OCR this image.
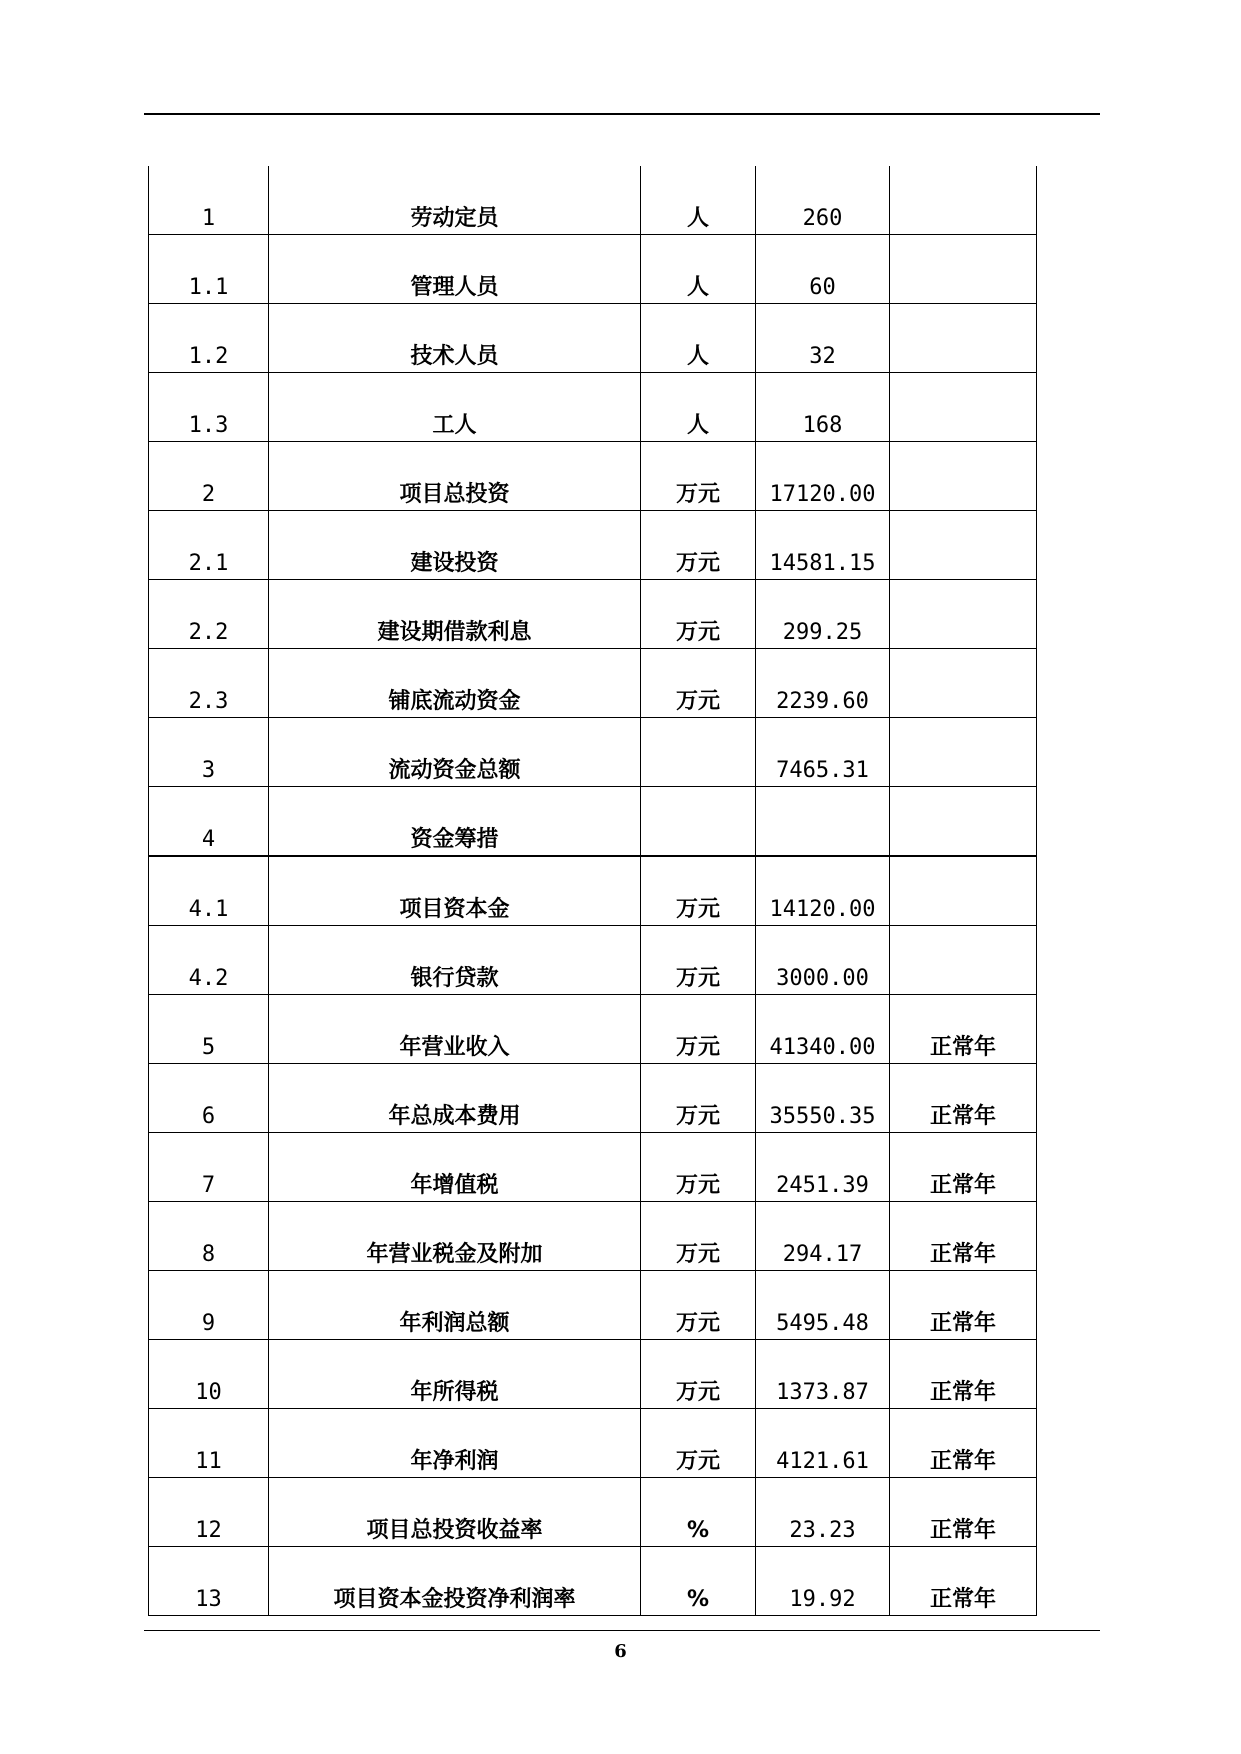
1	劳动定员	人	260	
1.1	管理人员	人	60	
1.2	技术人员	人	32	
1.3	工人	人	168	
2	项目总投资	万元	17120.00	
2.1	建设投资	万元	14581.15	
2.2	建设期借款利息	万元	299.25	
2.3	铺底流动资金	万元	2239.60	
3	流动资金总额		7465.31	
4	资金筹措			
4.1	项目资本金	万元	14120.00	
4.2	银行贷款	万元	3000.00	
5	年营业收入	万元	41340.00	正常年
6	年总成本费用	万元	35550.35	正常年
7	年增值税	万元	2451.39	正常年
8	年营业税金及附加	万元	294.17	正常年
9	年利润总额	万元	5495.48	正常年
10	年所得税	万元	1373.87	正常年
11	年净利润	万元	4121.61	正常年
12	项目总投资收益率	%	23.23	正常年
13	项目资本金投资净利润率	%	19.92	正常年
6
